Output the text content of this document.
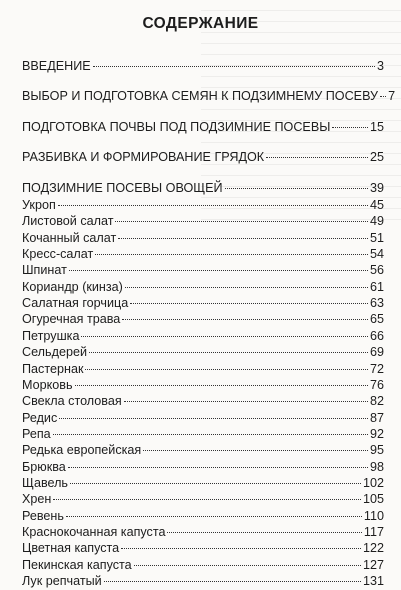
СОДЕРЖАНИЕ
ВВЕДЕНИЕ	3
ВЫБОР И ПОДГОТОВКА СЕМЯН К ПОДЗИМНЕМУ ПОСЕВУ 7
ПОДГОТОВКА ПОЧВЫ ПОД ПОДЗИМНИЕ ПОСЕВЫ	15
РАЗБИВКА И ФОРМИРОВАНИЕ ГРЯДОК	25
ПОДЗИМНИЕ ПОСЕВЫ ОВОЩЕЙ	39
Укроп	45
Листовой салат	49
Кочанный салат	51
Кресс-салат	54
Шпинат	56
Кориандр (кинза)	61
Салатная горчица	63
Огуречная трава	65
Петрушка	66
Сельдерей	69
Пастернак	72
Морковь	76
Свекла столовая	82
Редис	87
Репа	92
Редька европейская	95
Брюква	98
Щавель	102
Хрен	105
Ревень	110
Краснокочанная капуста	117
Цветная капуста	122
Пекинская капуста	127
Лук репчатый	131
